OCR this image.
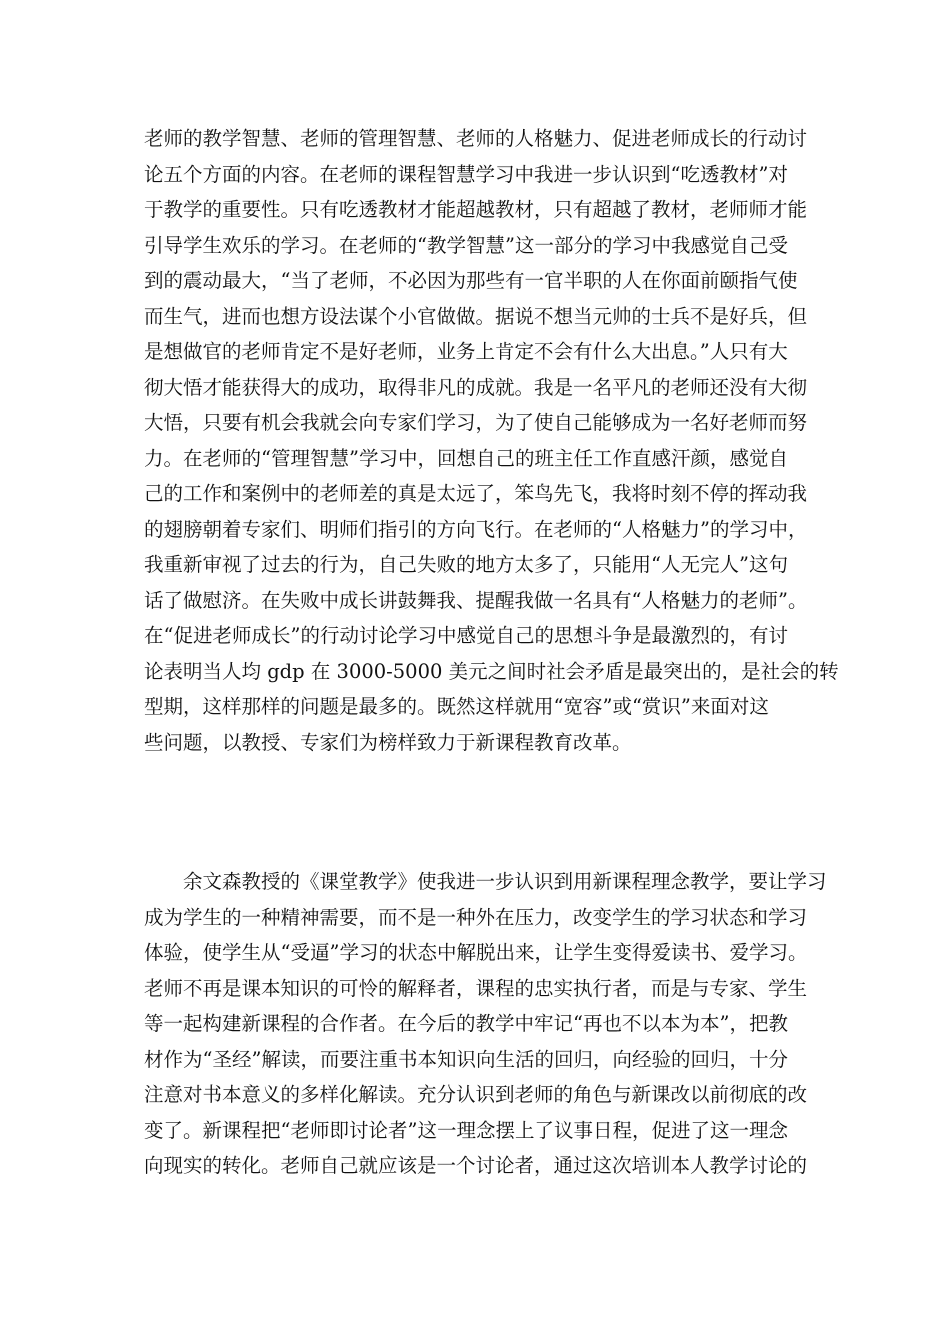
老师的教学智慧、老师的管理智慧、老师的人格魅力、促进老师成长的行动讨
论五个方面的内容。在老师的课程智慧学习中我进一步认识到“吃透教材”对
于教学的重要性。只有吃透教材才能超越教材，只有超越了教材，老师师才能
引导学生欢乐的学习。在老师的“教学智慧”这一部分的学习中我感觉自己受
到的震动最大，“当了老师，不必因为那些有一官半职的人在你面前颐指气使
而生气，进而也想方设法谋个小官做做。据说不想当元帅的士兵不是好兵，但
是想做官的老师肯定不是好老师，业务上肯定不会有什么大出息。”人只有大
彻大悟才能获得大的成功，取得非凡的成就。我是一名平凡的老师还没有大彻
大悟，只要有机会我就会向专家们学习，为了使自己能够成为一名好老师而努
力。在老师的“管理智慧”学习中，回想自己的班主任工作直感汗颜，感觉自
己的工作和案例中的老师差的真是太远了，笨鸟先飞，我将时刻不停的挥动我
的翅膀朝着专家们、明师们指引的方向飞行。在老师的“人格魅力”的学习中，
我重新审视了过去的行为，自己失败的地方太多了，只能用“人无完人”这句
话了做慰济。在失败中成长讲鼓舞我、提醒我做一名具有“人格魅力的老师”。
在“促进老师成长”的行动讨论学习中感觉自己的思想斗争是最激烈的，有讨
论表明当人均 gdp 在 3000-5000 美元之间时社会矛盾是最突出的，是社会的转
型期，这样那样的问题是最多的。既然这样就用“宽容”或“赏识”来面对这
些问题，以教授、专家们为榜样致力于新课程教育改革。
　　余文森教授的《课堂教学》使我进一步认识到用新课程理念教学，要让学习
成为学生的一种精神需要，而不是一种外在压力，改变学生的学习状态和学习
体验，使学生从“受逼”学习的状态中解脱出来，让学生变得爱读书、爱学习。
老师不再是课本知识的可怜的解释者，课程的忠实执行者，而是与专家、学生
等一起构建新课程的合作者。在今后的教学中牢记“再也不以本为本”，把教
材作为“圣经”解读，而要注重书本知识向生活的回归，向经验的回归，十分
注意对书本意义的多样化解读。充分认识到老师的角色与新课改以前彻底的改
变了。新课程把“老师即讨论者”这一理念摆上了议事日程，促进了这一理念
向现实的转化。老师自己就应该是一个讨论者，通过这次培训本人教学讨论的
